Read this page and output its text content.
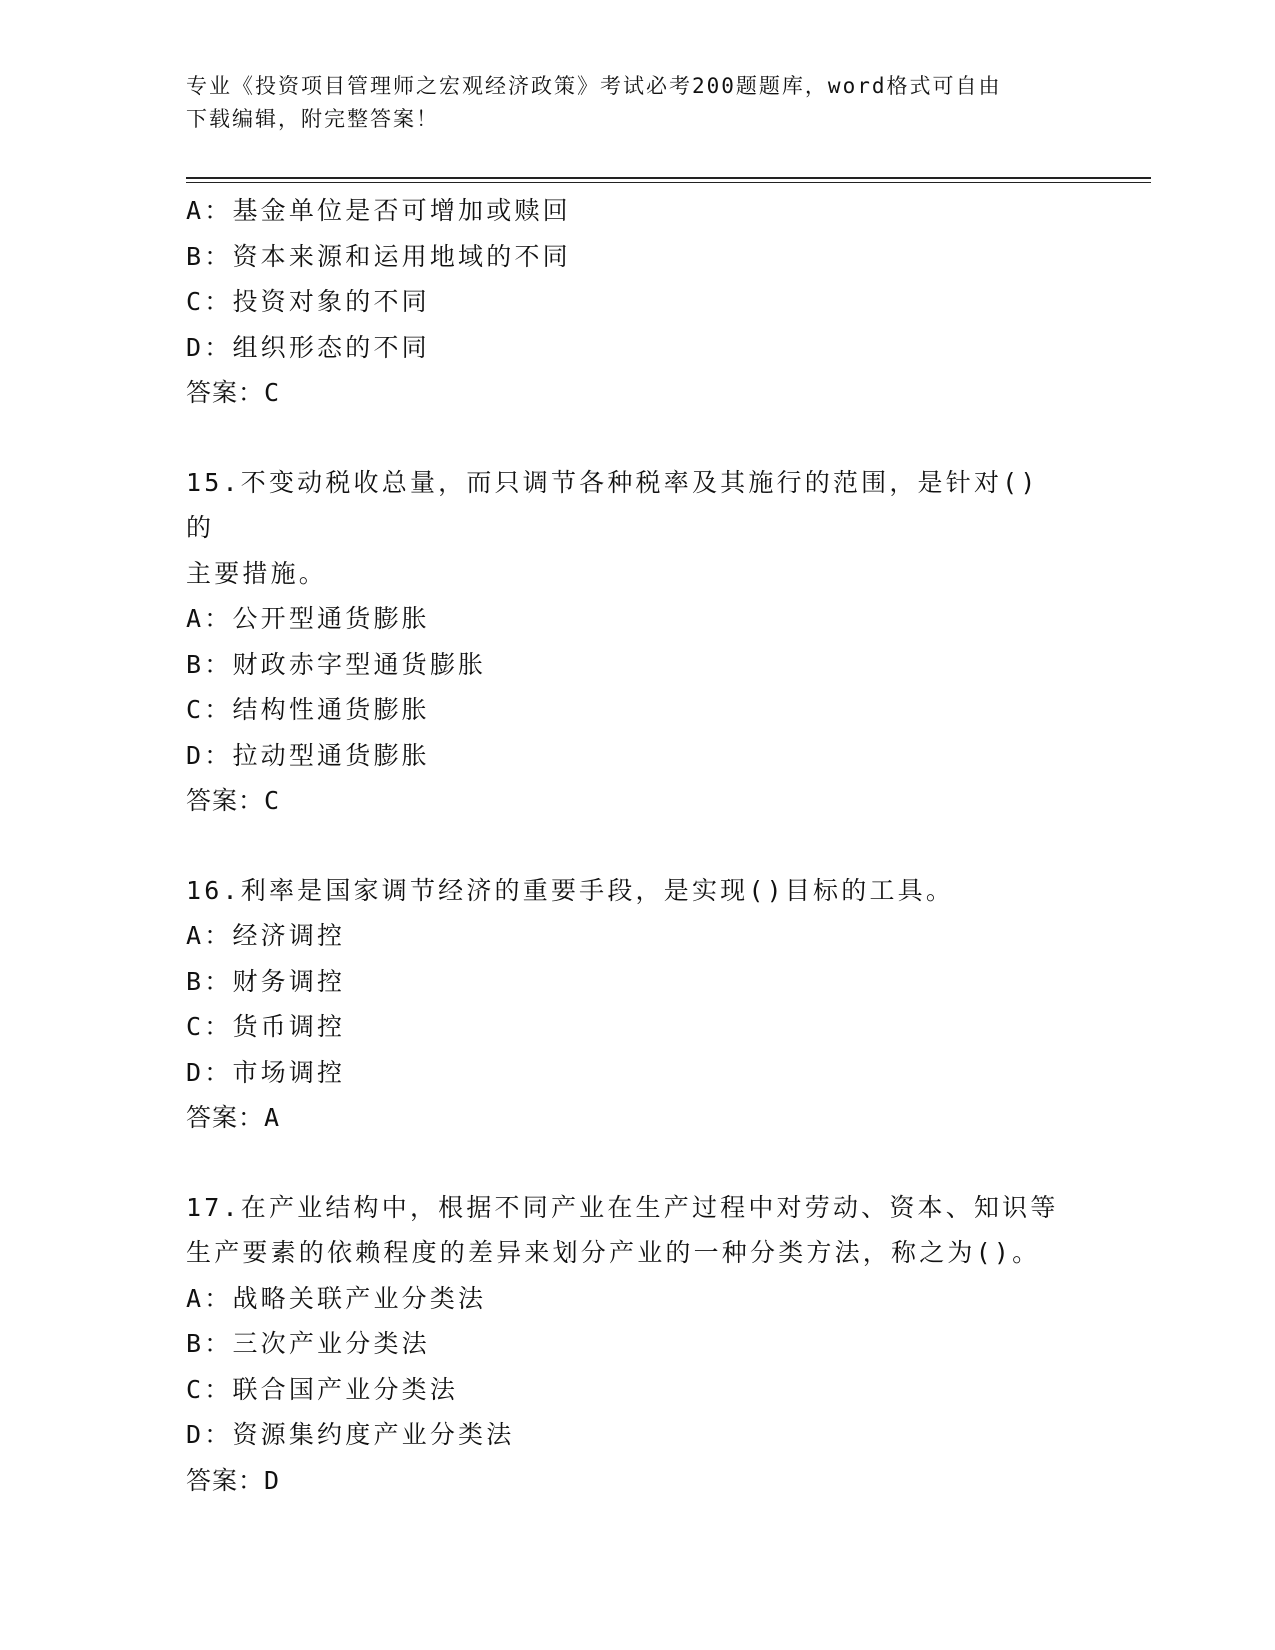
专业《投资项目管理师之宏观经济政策》考试必考200题题库，word格式可自由
下载编辑，附完整答案！
A：基金单位是否可增加或赎回
B：资本来源和运用地域的不同
C：投资对象的不同
D：组织形态的不同
答案：C
15.不变动税收总量，而只调节各种税率及其施行的范围，是针对()的
主要措施。
A：公开型通货膨胀
B：财政赤字型通货膨胀
C：结构性通货膨胀
D：拉动型通货膨胀
答案：C
16.利率是国家调节经济的重要手段，是实现()目标的工具。
A：经济调控
B：财务调控
C：货币调控
D：市场调控
答案：A
17.在产业结构中，根据不同产业在生产过程中对劳动、资本、知识等
生产要素的依赖程度的差异来划分产业的一种分类方法，称之为()。
A：战略关联产业分类法
B：三次产业分类法
C：联合国产业分类法
D：资源集约度产业分类法
答案：D
